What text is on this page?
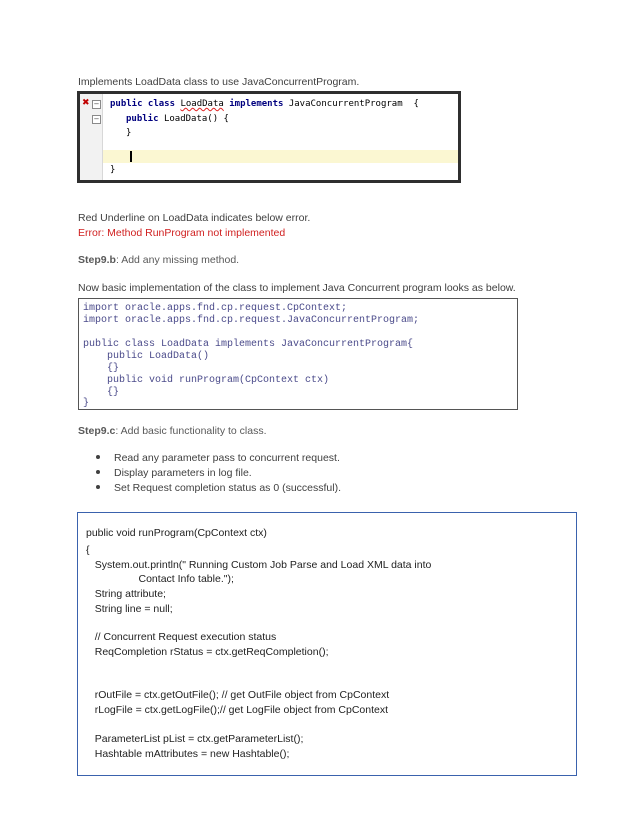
Implements LoadData class to use JavaConcurrentProgram.
✖ −
−
public class LoadData implements JavaConcurrentProgram  {
public LoadData() {
}
}
Red Underline on LoadData indicates below error.
Error: Method RunProgram not implemented
Step9.b: Add any missing method.
Now basic implementation of the class to implement Java Concurrent program looks as below.
import oracle.apps.fnd.cp.request.CpContext;
import oracle.apps.fnd.cp.request.JavaConcurrentProgram;
public class LoadData implements JavaConcurrentProgram{
public LoadData()
{}
public void runProgram(CpContext ctx)
{}
}
Step9.c: Add basic functionality to class.
Read any parameter pass to concurrent request.
Display parameters in log file.
Set Request completion status as 0 (successful).
public void runProgram(CpContext ctx)
{
System.out.println(" Running Custom Job Parse and Load XML data into
Contact Info table.");
String attribute;
String line = null;
// Concurrent Request execution status
ReqCompletion rStatus = ctx.getReqCompletion();
rOutFile = ctx.getOutFile(); // get OutFile object from CpContext
rLogFile = ctx.getLogFile();// get LogFile object from CpContext
ParameterList pList = ctx.getParameterList();
Hashtable mAttributes = new Hashtable();
